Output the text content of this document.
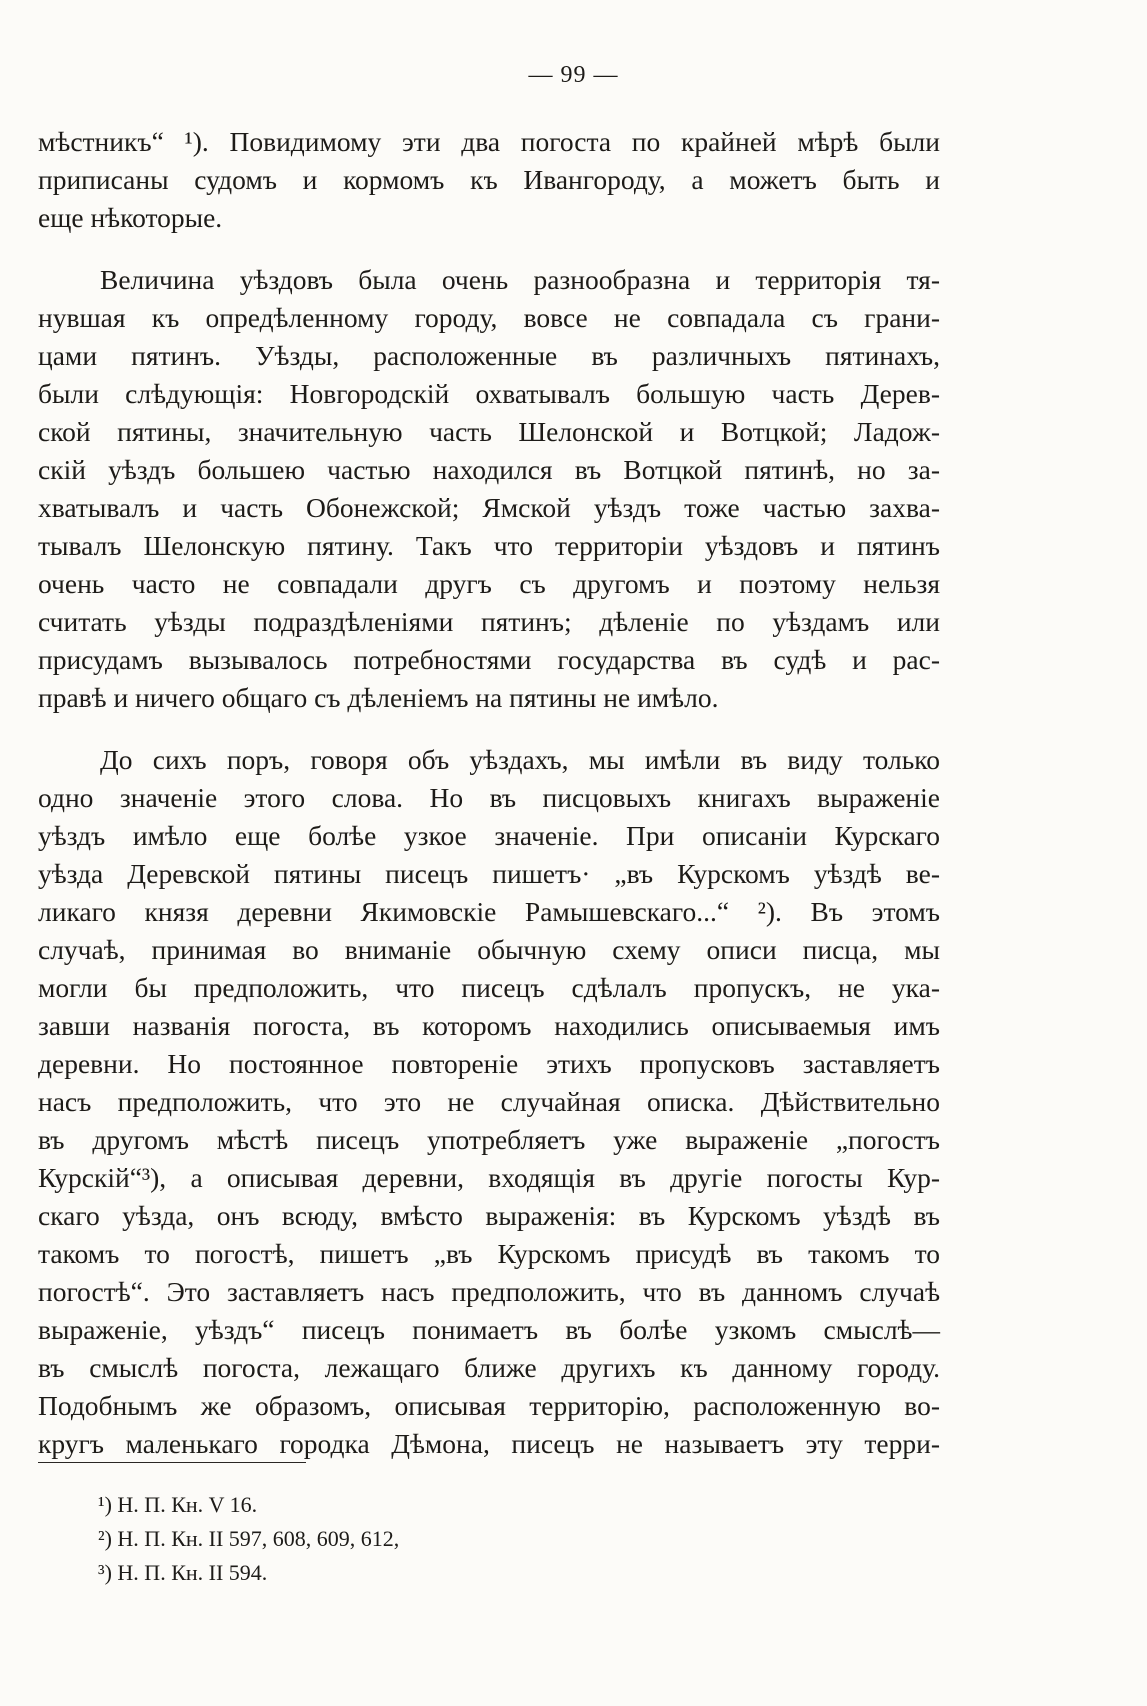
— 99 —
мѣстникъ“ ¹). Повидимому эти два погоста по крайней мѣрѣ были
приписаны судомъ и кормомъ къ Ивангороду, а можетъ быть и
еще нѣкоторые.
Величина уѣздовъ была очень разнообразна и территорія тя-
нувшая къ опредѣленному городу, вовсе не совпадала съ грани-
цами пятинъ. Уѣзды, расположенные въ различныхъ пятинахъ,
были слѣдующія: Новгородскій охватывалъ большую часть Дерев-
ской пятины, значительную часть Шелонской и Вотцкой; Ладож-
скій уѣздъ большею частью находился въ Вотцкой пятинѣ, но за-
хватывалъ и часть Обонежской; Ямской уѣздъ тоже частью захва-
тывалъ Шелонскую пятину. Такъ что территоріи уѣздовъ и пятинъ
очень часто не совпадали другъ съ другомъ и поэтому нельзя
считать уѣзды подраздѣленіями пятинъ; дѣленіе по уѣздамъ или
присудамъ вызывалось потребностями государства въ судѣ и рас-
правѣ и ничего общаго съ дѣленіемъ на пятины не имѣло.
До сихъ поръ, говоря объ уѣздахъ, мы имѣли въ виду только
одно значеніе этого слова. Но въ писцовыхъ книгахъ выраженіе
уѣздъ имѣло еще болѣе узкое значеніе. При описаніи Курскаго
уѣзда Деревской пятины писецъ пишетъ· „въ Курскомъ уѣздѣ ве-
ликаго князя деревни Якимовскіе Рамышевскаго...“ ²). Въ этомъ
случаѣ, принимая во вниманіе обычную схему описи писца, мы
могли бы предположить, что писецъ сдѣлалъ пропускъ, не ука-
завши названія погоста, въ которомъ находились описываемыя имъ
деревни. Но постоянное повтореніе этихъ пропусковъ заставляетъ
насъ предположить, что это не случайная описка. Дѣйствительно
въ другомъ мѣстѣ писецъ употребляетъ уже выраженіе „погостъ
Курскій“³), а описывая деревни, входящія въ другіе погосты Кур-
скаго уѣзда, онъ всюду, вмѣсто выраженія: въ Курскомъ уѣздѣ въ
такомъ то погостѣ, пишетъ „въ Курскомъ присудѣ въ такомъ то
погостѣ“. Это заставляетъ насъ предположить, что въ данномъ случаѣ
выраженіе, уѣздъ“ писецъ понимаетъ въ болѣе узкомъ смыслѣ—
въ смыслѣ погоста, лежащаго ближе другихъ къ данному городу.
Подобнымъ же образомъ, описывая территорію, расположенную во-
кругъ маленькаго городка Дѣмона, писецъ не называетъ эту терри-
¹) Н. П. Кн. V 16.
²) Н. П. Кн. II 597, 608, 609, 612,
³) Н. П. Кн. II 594.
